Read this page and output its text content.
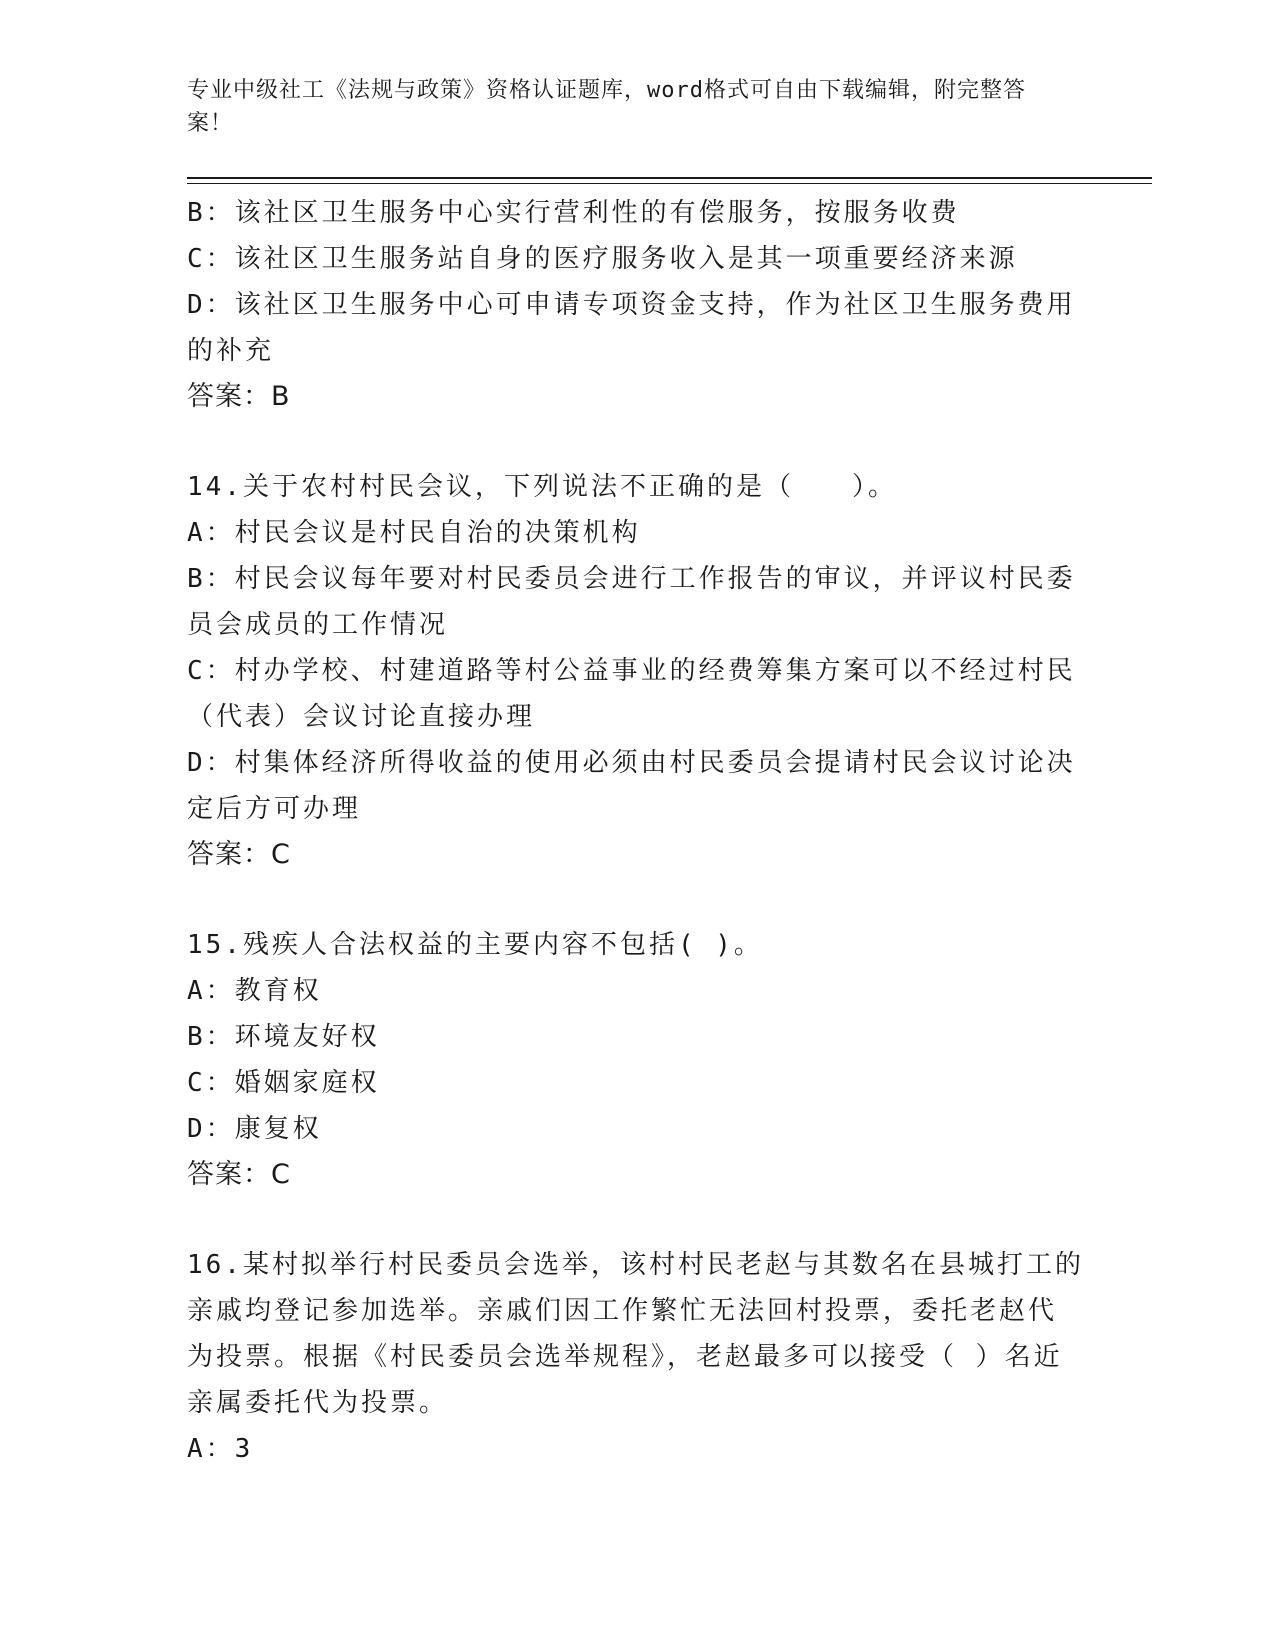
专业中级社工《法规与政策》资格认证题库，word格式可自由下载编辑，附完整答案！

B：该社区卫生服务中心实行营利性的有偿服务，按服务收费

C：该社区卫生服务站自身的医疗服务收入是其一项重要经济来源

D：该社区卫生服务中心可申请专项资金支持，作为社区卫生服务费用

的补充

答案：B

14.关于农村村民会议，下列说法不正确的是（　　）。

A：村民会议是村民自治的决策机构

B：村民会议每年要对村民委员会进行工作报告的审议，并评议村民委

员会成员的工作情况

C：村办学校、村建道路等村公益事业的经费筹集方案可以不经过村民

（代表）会议讨论直接办理

D：村集体经济所得收益的使用必须由村民委员会提请村民会议讨论决

定后方可办理

答案：C

15.残疾人合法权益的主要内容不包括( )。

A：教育权

B：环境友好权

C：婚姻家庭权

D：康复权

答案：C

16.某村拟举行村民委员会选举，该村村民老赵与其数名在县城打工的

亲戚均登记参加选举。亲戚们因工作繁忙无法回村投票，委托老赵代

为投票。根据《村民委员会选举规程》，老赵最多可以接受（ ）名近

亲属委托代为投票。

A：3
